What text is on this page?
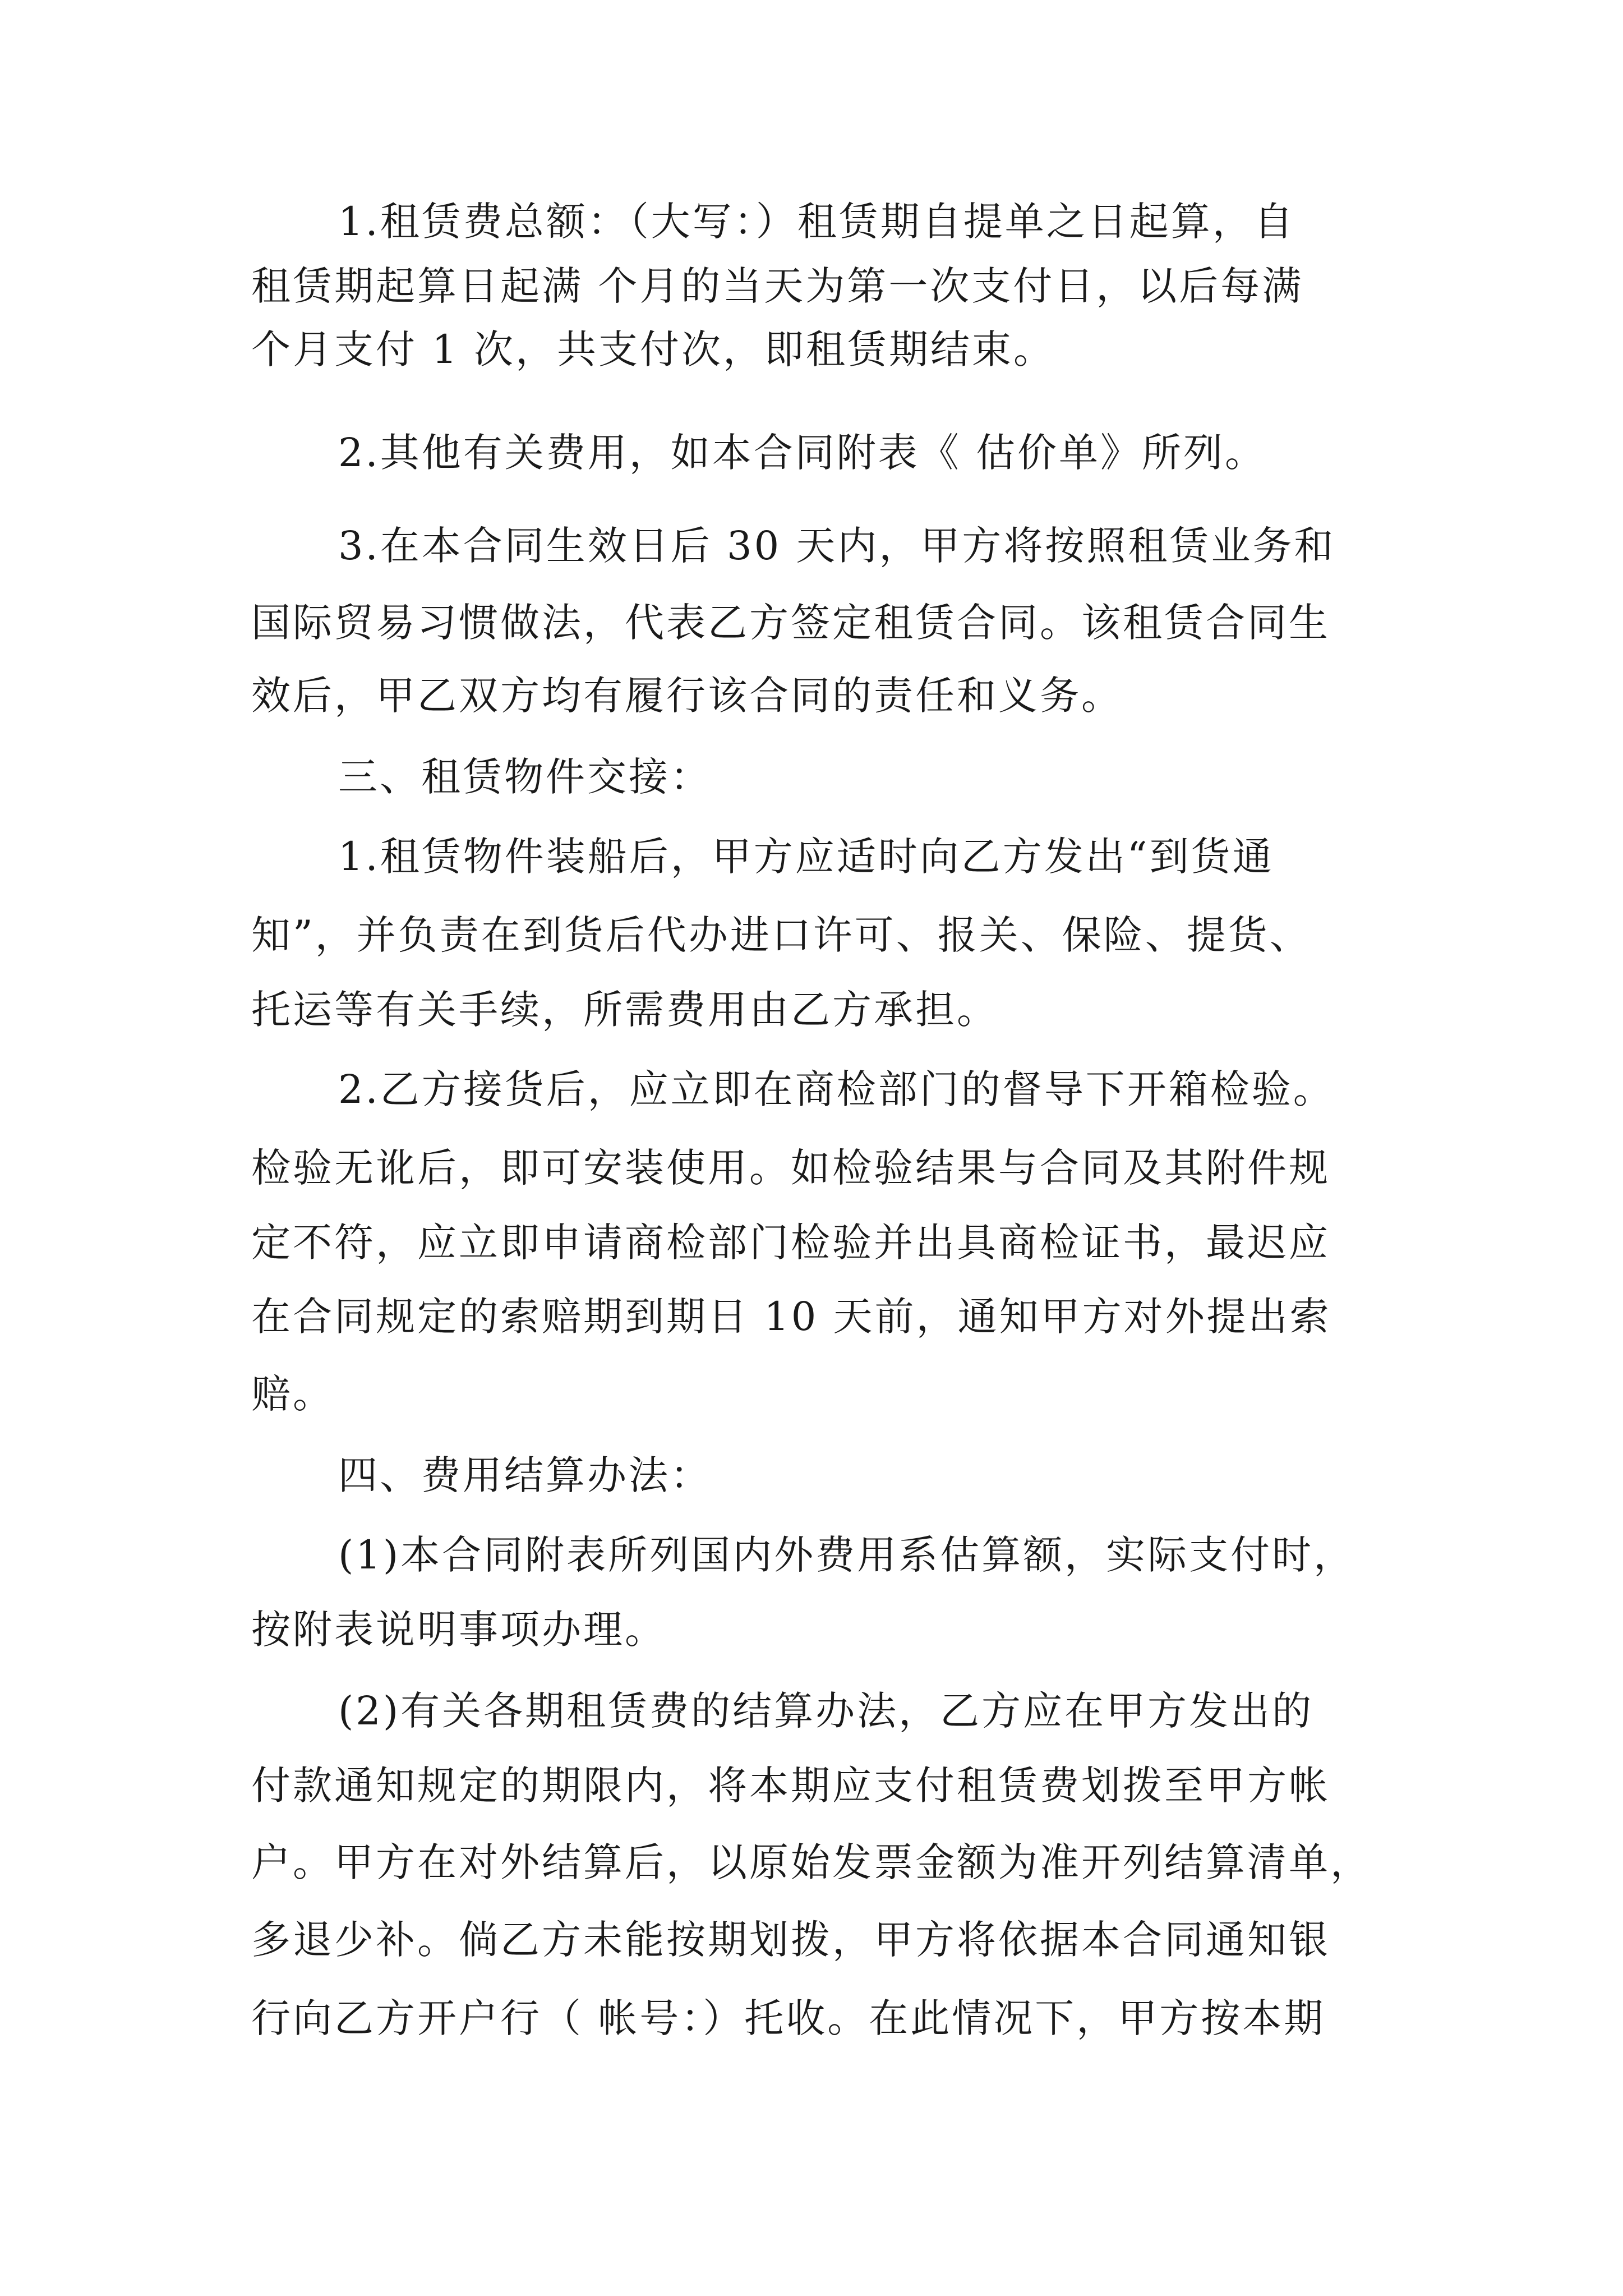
1.租赁费总额：（大写：）租赁期自提单之日起算，自
租赁期起算日起满 个月的当天为第一次支付日，以后每满
个月支付 1 次，共支付次，即租赁期结束。
2.其他有关费用，如本合同附表《 估价单》所列。
3.在本合同生效日后 30 天内，甲方将按照租赁业务和
国际贸易习惯做法，代表乙方签定租赁合同。该租赁合同生
效后，甲乙双方均有履行该合同的责任和义务。
三、租赁物件交接：
1.租赁物件装船后，甲方应适时向乙方发出“到货通
知”，并负责在到货后代办进口许可、报关、保险、提货、
托运等有关手续，所需费用由乙方承担。
2.乙方接货后，应立即在商检部门的督导下开箱检验。
检验无讹后，即可安装使用。如检验结果与合同及其附件规
定不符，应立即申请商检部门检验并出具商检证书，最迟应
在合同规定的索赔期到期日 10 天前，通知甲方对外提出索
赔。
四、费用结算办法：
(1)本合同附表所列国内外费用系估算额，实际支付时，
按附表说明事项办理。
(2)有关各期租赁费的结算办法，乙方应在甲方发出的
付款通知规定的期限内，将本期应支付租赁费划拨至甲方帐
户。甲方在对外结算后，以原始发票金额为准开列结算清单，
多退少补。倘乙方未能按期划拨，甲方将依据本合同通知银
行向乙方开户行（ 帐号：）托收。在此情况下，甲方按本期
